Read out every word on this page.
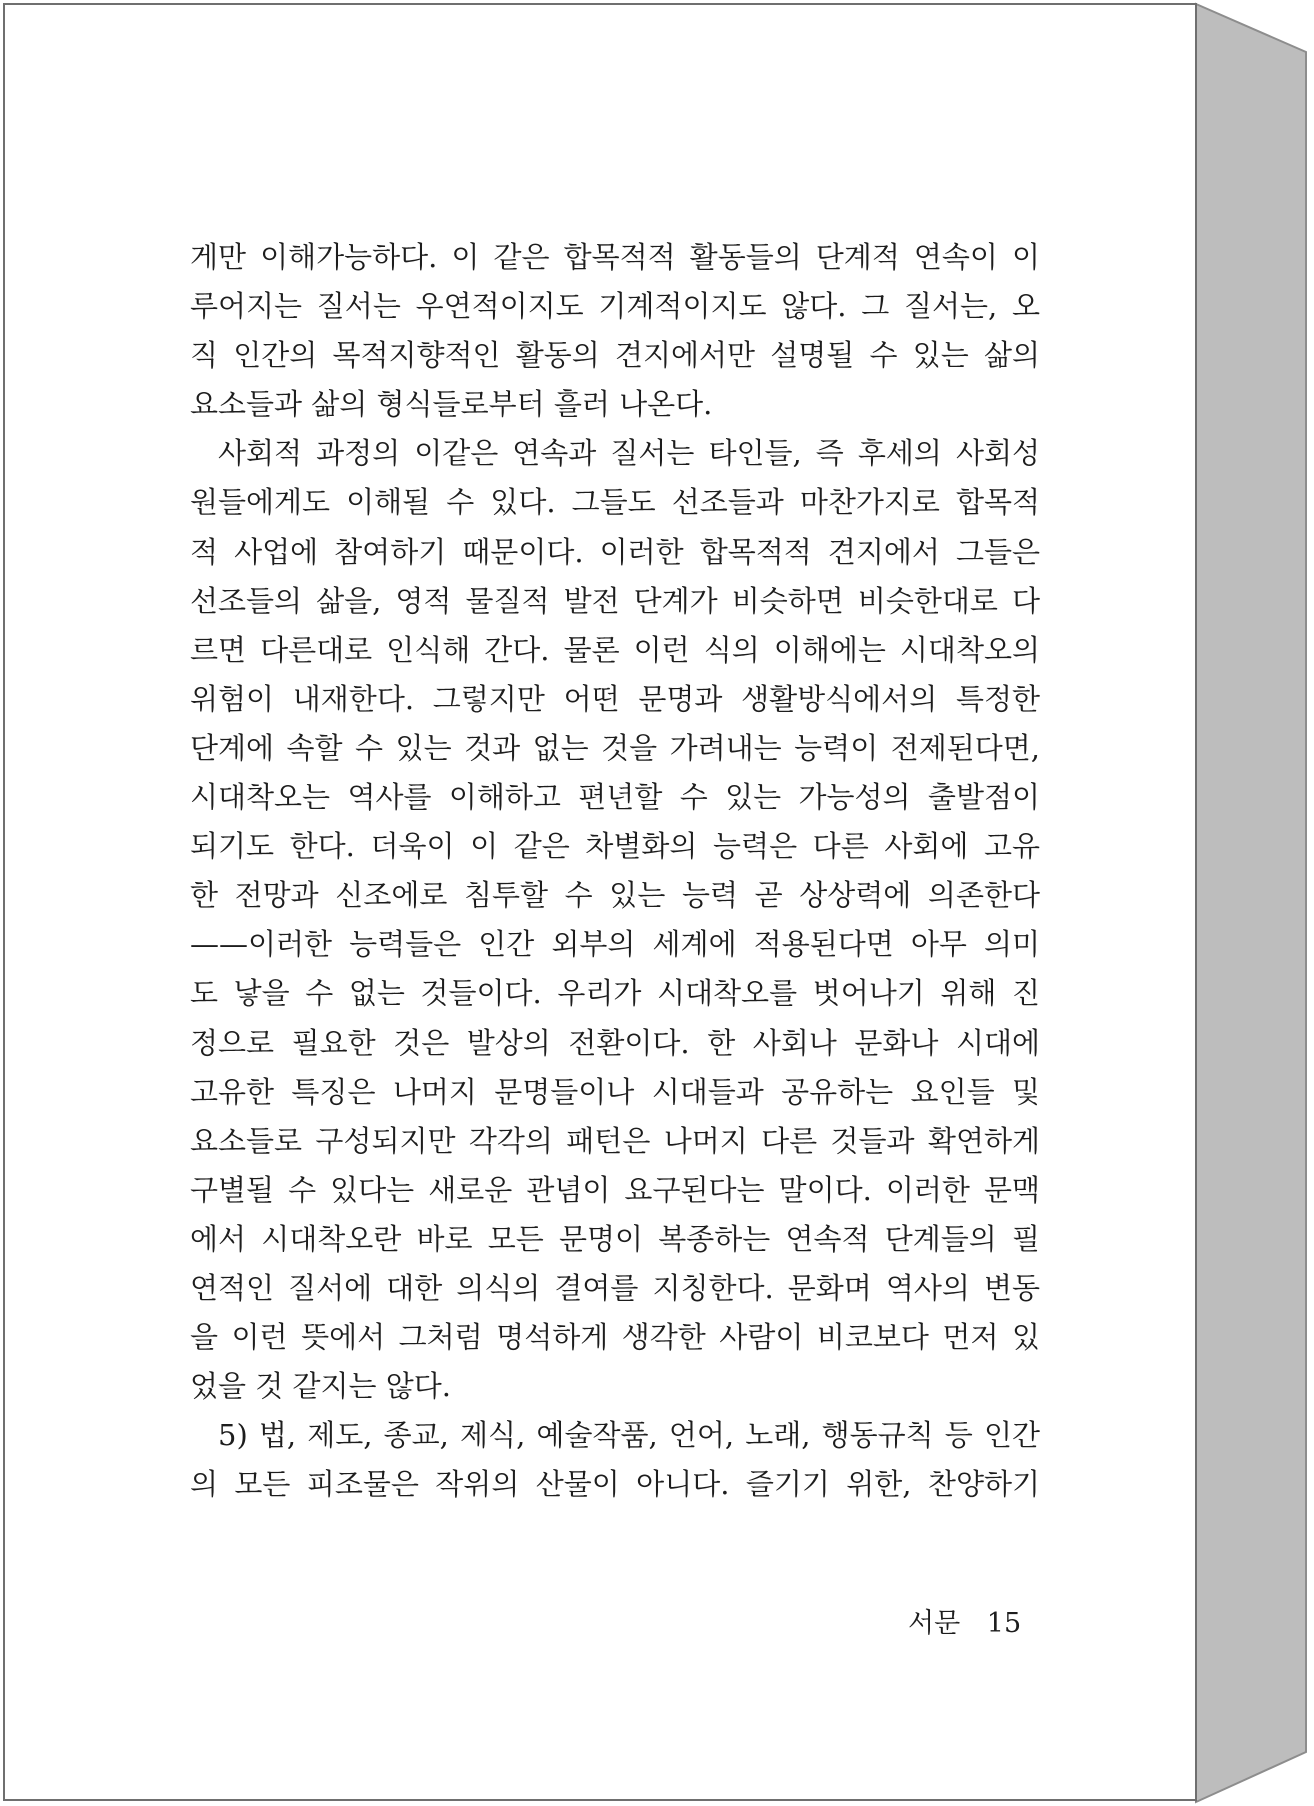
게만 이해가능하다. 이 같은 합목적적 활동들의 단계적 연속이 이
루어지는 질서는 우연적이지도 기계적이지도 않다. 그 질서는, 오
직 인간의 목적지향적인 활동의 견지에서만 설명될 수 있는 삶의
요소들과 삶의 형식들로부터 흘러 나온다.
사회적 과정의 이같은 연속과 질서는 타인들, 즉 후세의 사회성
원들에게도 이해될 수 있다. 그들도 선조들과 마찬가지로 합목적
적 사업에 참여하기 때문이다. 이러한 합목적적 견지에서 그들은
선조들의 삶을, 영적 물질적 발전 단계가 비슷하면 비슷한대로 다
르면 다른대로 인식해 간다. 물론 이런 식의 이해에는 시대착오의
위험이 내재한다. 그렇지만 어떤 문명과 생활방식에서의 특정한
단계에 속할 수 있는 것과 없는 것을 가려내는 능력이 전제된다면,
시대착오는 역사를 이해하고 편년할 수 있는 가능성의 출발점이
되기도 한다. 더욱이 이 같은 차별화의 능력은 다른 사회에 고유
한 전망과 신조에로 침투할 수 있는 능력 곧 상상력에 의존한다
——이러한 능력들은 인간 외부의 세계에 적용된다면 아무 의미
도 낳을 수 없는 것들이다. 우리가 시대착오를 벗어나기 위해 진
정으로 필요한 것은 발상의 전환이다. 한 사회나 문화나 시대에
고유한 특징은 나머지 문명들이나 시대들과 공유하는 요인들 및
요소들로 구성되지만 각각의 패턴은 나머지 다른 것들과 확연하게
구별될 수 있다는 새로운 관념이 요구된다는 말이다. 이러한 문맥
에서 시대착오란 바로 모든 문명이 복종하는 연속적 단계들의 필
연적인 질서에 대한 의식의 결여를 지칭한다. 문화며 역사의 변동
을 이런 뜻에서 그처럼 명석하게 생각한 사람이 비코보다 먼저 있
었을 것 같지는 않다.
5) 법, 제도, 종교, 제식, 예술작품, 언어, 노래, 행동규칙 등 인간
의 모든 피조물은 작위의 산물이 아니다. 즐기기 위한, 찬양하기
서문 15
